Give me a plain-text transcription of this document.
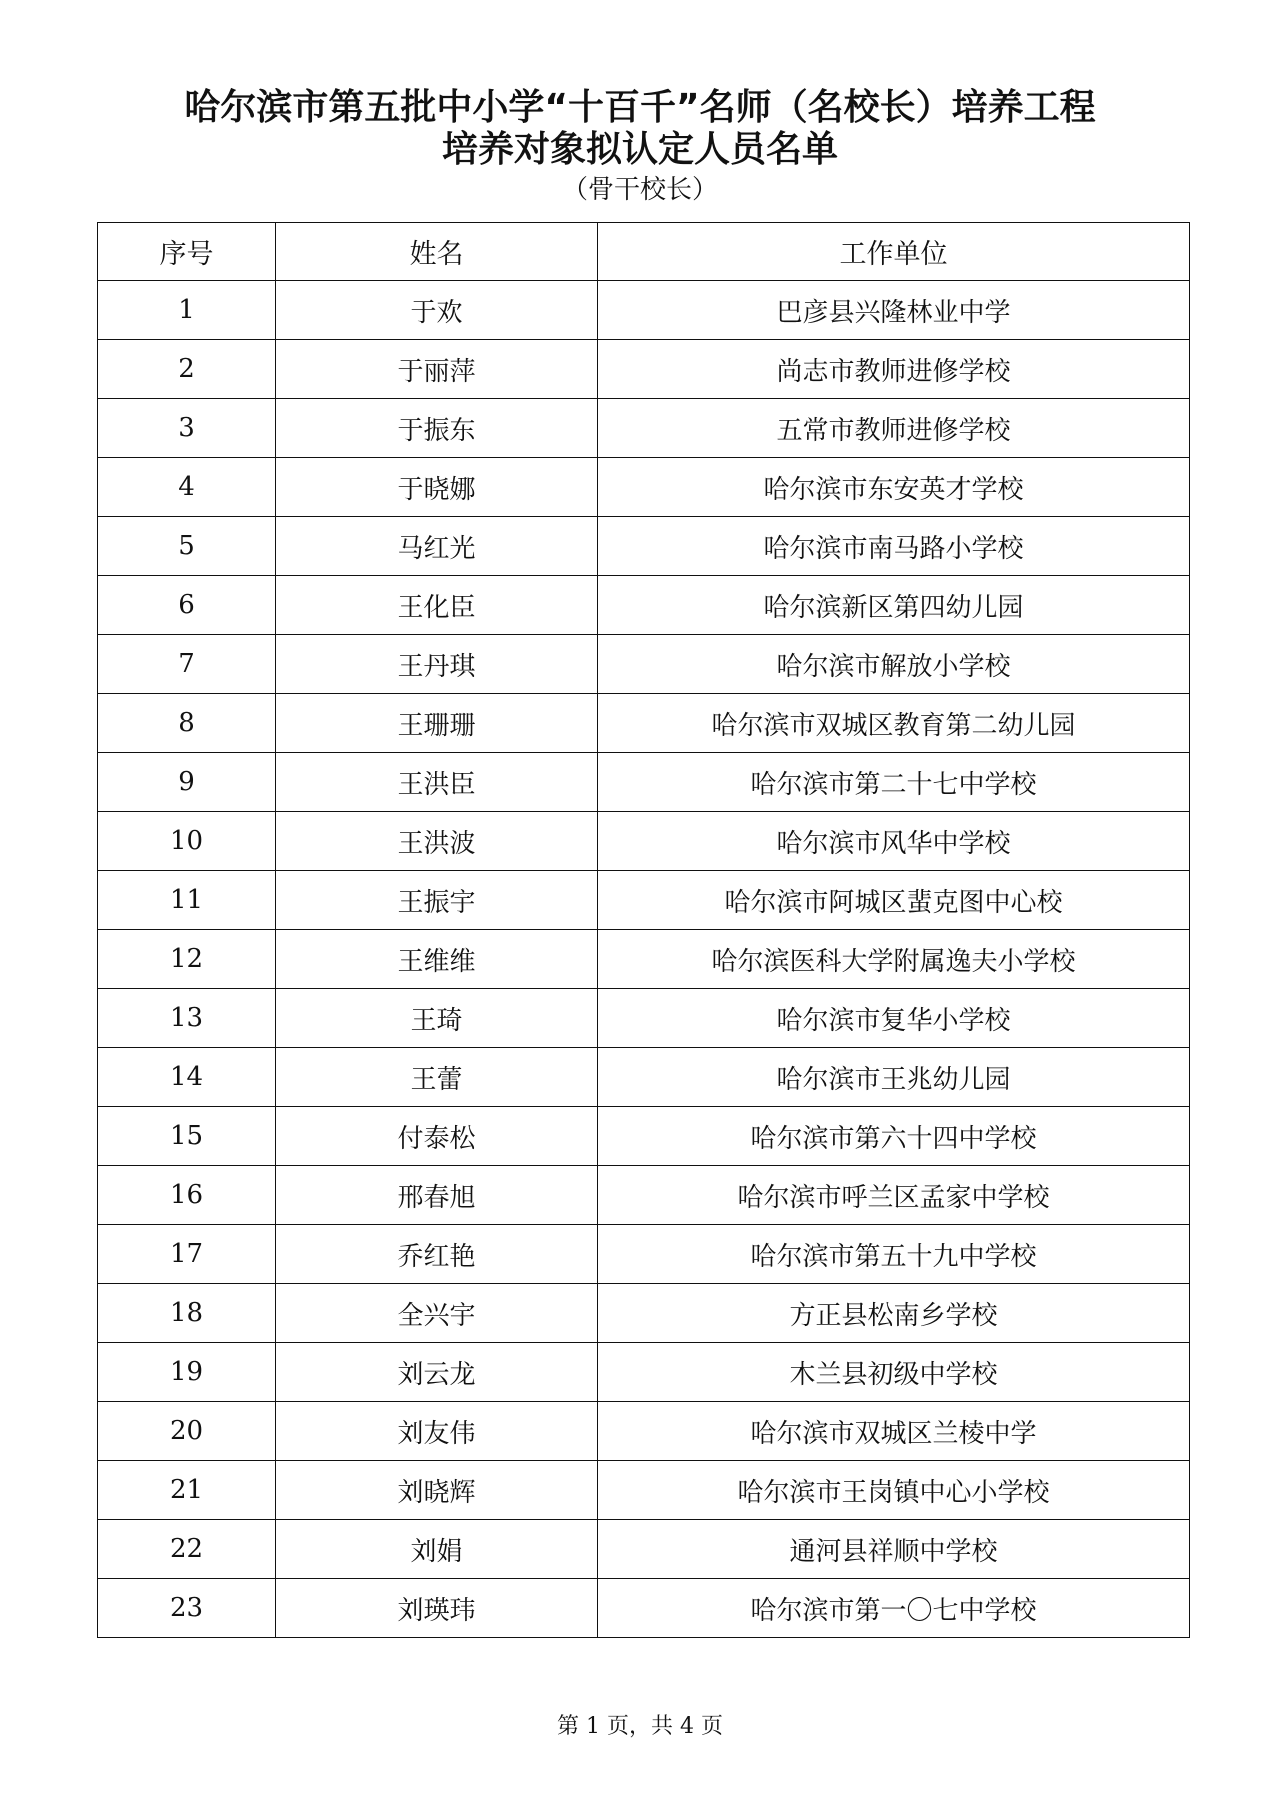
哈尔滨市第五批中小学“十百千”名师（名校长）培养工程
培养对象拟认定人员名单
（骨干校长）
序号	姓名	工作单位
1	于欢	巴彦县兴隆林业中学
2	于丽萍	尚志市教师进修学校
3	于振东	五常市教师进修学校
4	于晓娜	哈尔滨市东安英才学校
5	马红光	哈尔滨市南马路小学校
6	王化臣	哈尔滨新区第四幼儿园
7	王丹琪	哈尔滨市解放小学校
8	王珊珊	哈尔滨市双城区教育第二幼儿园
9	王洪臣	哈尔滨市第二十七中学校
10	王洪波	哈尔滨市风华中学校
11	王振宇	哈尔滨市阿城区蜚克图中心校
12	王维维	哈尔滨医科大学附属逸夫小学校
13	王琦	哈尔滨市复华小学校
14	王蕾	哈尔滨市王兆幼儿园
15	付泰松	哈尔滨市第六十四中学校
16	邢春旭	哈尔滨市呼兰区孟家中学校
17	乔红艳	哈尔滨市第五十九中学校
18	全兴宇	方正县松南乡学校
19	刘云龙	木兰县初级中学校
20	刘友伟	哈尔滨市双城区兰棱中学
21	刘晓辉	哈尔滨市王岗镇中心小学校
22	刘娟	通河县祥顺中学校
23	刘瑛玮	哈尔滨市第一〇七中学校
第 1 页，共 4 页
